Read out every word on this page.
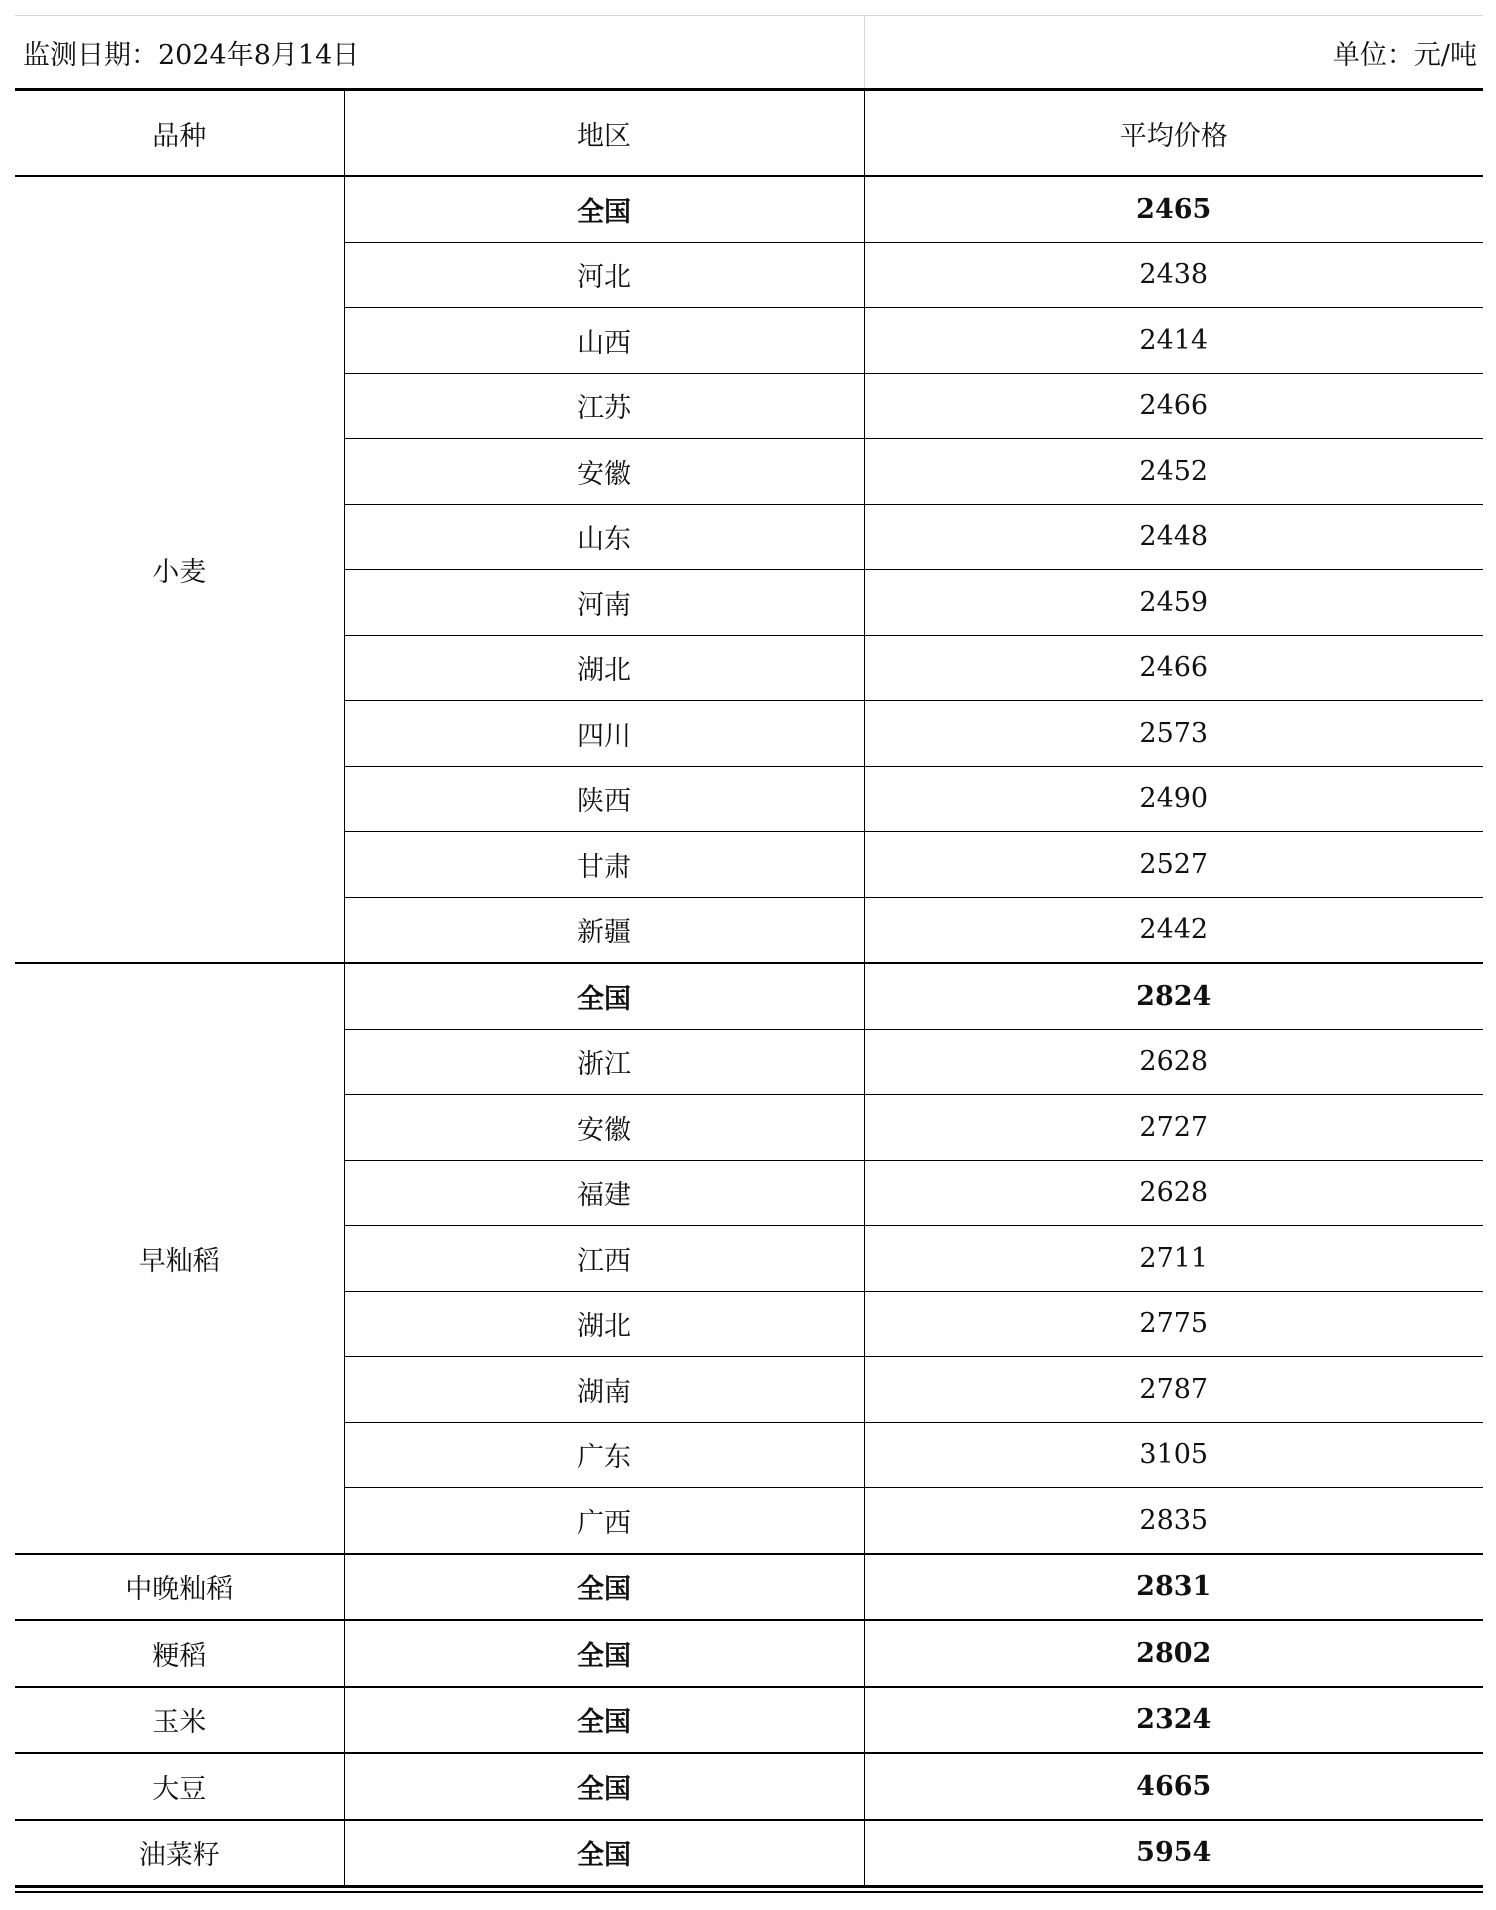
监测日期：2024年8月14日		单位：元/吨
品种	地区	平均价格
小麦	全国	2465
	河北	2438
	山西	2414
	江苏	2466
	安徽	2452
	山东	2448
	河南	2459
	湖北	2466
	四川	2573
	陕西	2490
	甘肃	2527
	新疆	2442
早籼稻	全国	2824
	浙江	2628
	安徽	2727
	福建	2628
	江西	2711
	湖北	2775
	湖南	2787
	广东	3105
	广西	2835
中晚籼稻	全国	2831
粳稻	全国	2802
玉米	全国	2324
大豆	全国	4665
油菜籽	全国	5954
